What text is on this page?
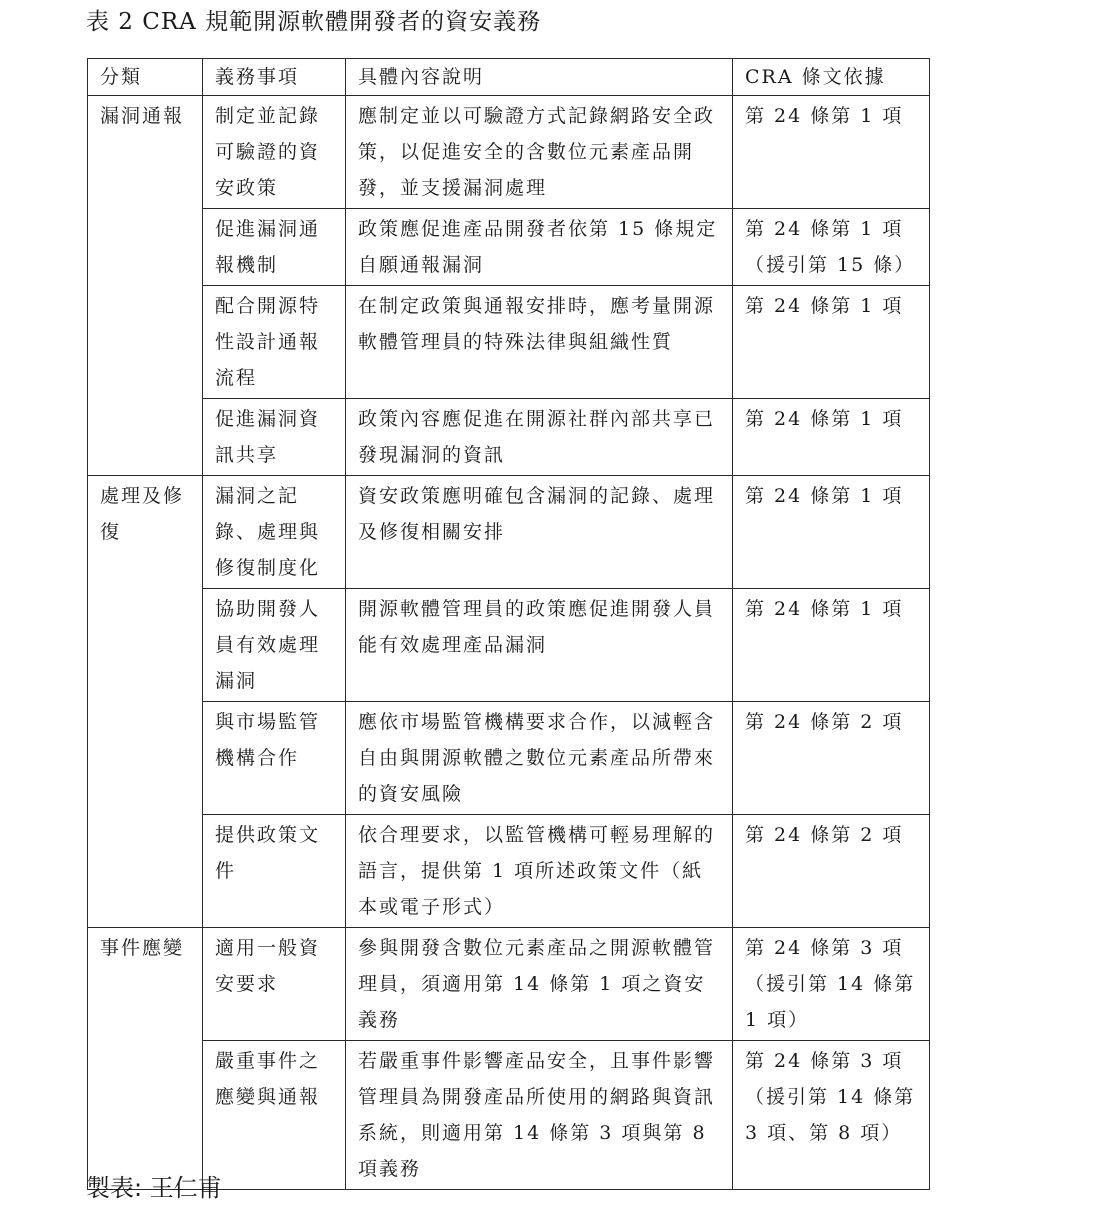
表 2 CRA 規範開源軟體開發者的資安義務
分類	義務事項	具體內容說明	CRA 條文依據
漏洞通報	制定並記錄可驗證的資安政策	應制定並以可驗證方式記錄網路安全政策，以促進安全的含數位元素產品開發，並支援漏洞處理	第 24 條第 1 項
	促進漏洞通報機制	政策應促進產品開發者依第 15 條規定自願通報漏洞	第 24 條第 1 項（援引第 15 條）
	配合開源特性設計通報流程	在制定政策與通報安排時，應考量開源軟體管理員的特殊法律與組織性質	第 24 條第 1 項
	促進漏洞資訊共享	政策內容應促進在開源社群內部共享已發現漏洞的資訊	第 24 條第 1 項
處理及修復	漏洞之記錄、處理與修復制度化	資安政策應明確包含漏洞的記錄、處理及修復相關安排	第 24 條第 1 項
	協助開發人員有效處理漏洞	開源軟體管理員的政策應促進開發人員能有效處理產品漏洞	第 24 條第 1 項
	與市場監管機構合作	應依市場監管機構要求合作，以減輕含自由與開源軟體之數位元素產品所帶來的資安風險	第 24 條第 2 項
	提供政策文件	依合理要求，以監管機構可輕易理解的語言，提供第 1 項所述政策文件（紙本或電子形式）	第 24 條第 2 項
事件應變	適用一般資安要求	參與開發含數位元素產品之開源軟體管理員，須適用第 14 條第 1 項之資安義務	第 24 條第 3 項（援引第 14 條第 1 項）
	嚴重事件之應變與通報	若嚴重事件影響產品安全，且事件影響管理員為開發產品所使用的網路與資訊系統，則適用第 14 條第 3 項與第 8 項義務	第 24 條第 3 項（援引第 14 條第 3 項、第 8 項）
製表: 王仁甫
